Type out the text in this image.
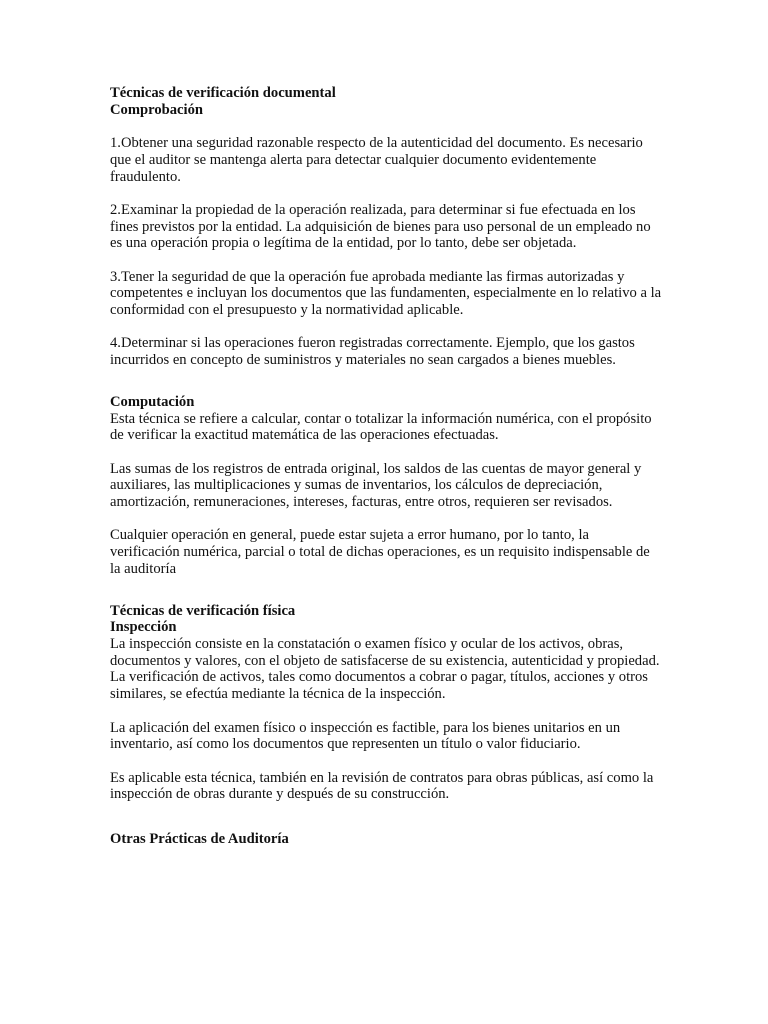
Técnicas de verificación documental

Comprobación

1.Obtener una seguridad razonable respecto de la autenticidad del documento. Es necesario que el auditor se mantenga alerta para detectar cualquier documento evidentemente fraudulento.

2.Examinar la propiedad de la operación realizada, para determinar si fue efectuada en los fines previstos por la entidad. La adquisición de bienes para uso personal de un empleado no es una operación propia o legítima de la entidad, por lo tanto, debe ser objetada.

3.Tener la seguridad de que la operación fue aprobada mediante las firmas autorizadas y competentes e incluyan los documentos que las fundamenten, especialmente en lo relativo a la conformidad con el presupuesto y la normatividad aplicable.

4.Determinar si las operaciones fueron registradas correctamente. Ejemplo, que los gastos incurridos en concepto de suministros y materiales no sean cargados a bienes muebles.

Computación

Esta técnica se refiere a calcular, contar o totalizar la información numérica, con el propósito de verificar la exactitud matemática de las operaciones efectuadas.

Las sumas de los registros de entrada original, los saldos de las cuentas de mayor general y auxiliares, las multiplicaciones y sumas de inventarios, los cálculos de depreciación, amortización, remuneraciones, intereses, facturas, entre otros, requieren ser revisados.

Cualquier operación en general, puede estar sujeta a error humano, por lo tanto, la verificación numérica, parcial o total de dichas operaciones, es un requisito indispensable de la auditoría

Técnicas de verificación física

Inspección

La inspección consiste en la constatación o examen físico y ocular de los activos, obras, documentos y valores, con el objeto de satisfacerse de su existencia, autenticidad y propiedad. La verificación de activos, tales como documentos a cobrar o pagar, títulos, acciones y otros similares, se efectúa mediante la técnica de la inspección.

La aplicación del examen físico o inspección es factible, para los bienes unitarios en un inventario, así como los documentos que representen un título o valor fiduciario.

Es aplicable esta técnica, también en la revisión de contratos para obras públicas, así como la inspección de obras durante y después de su construcción.

Otras Prácticas de Auditoría
